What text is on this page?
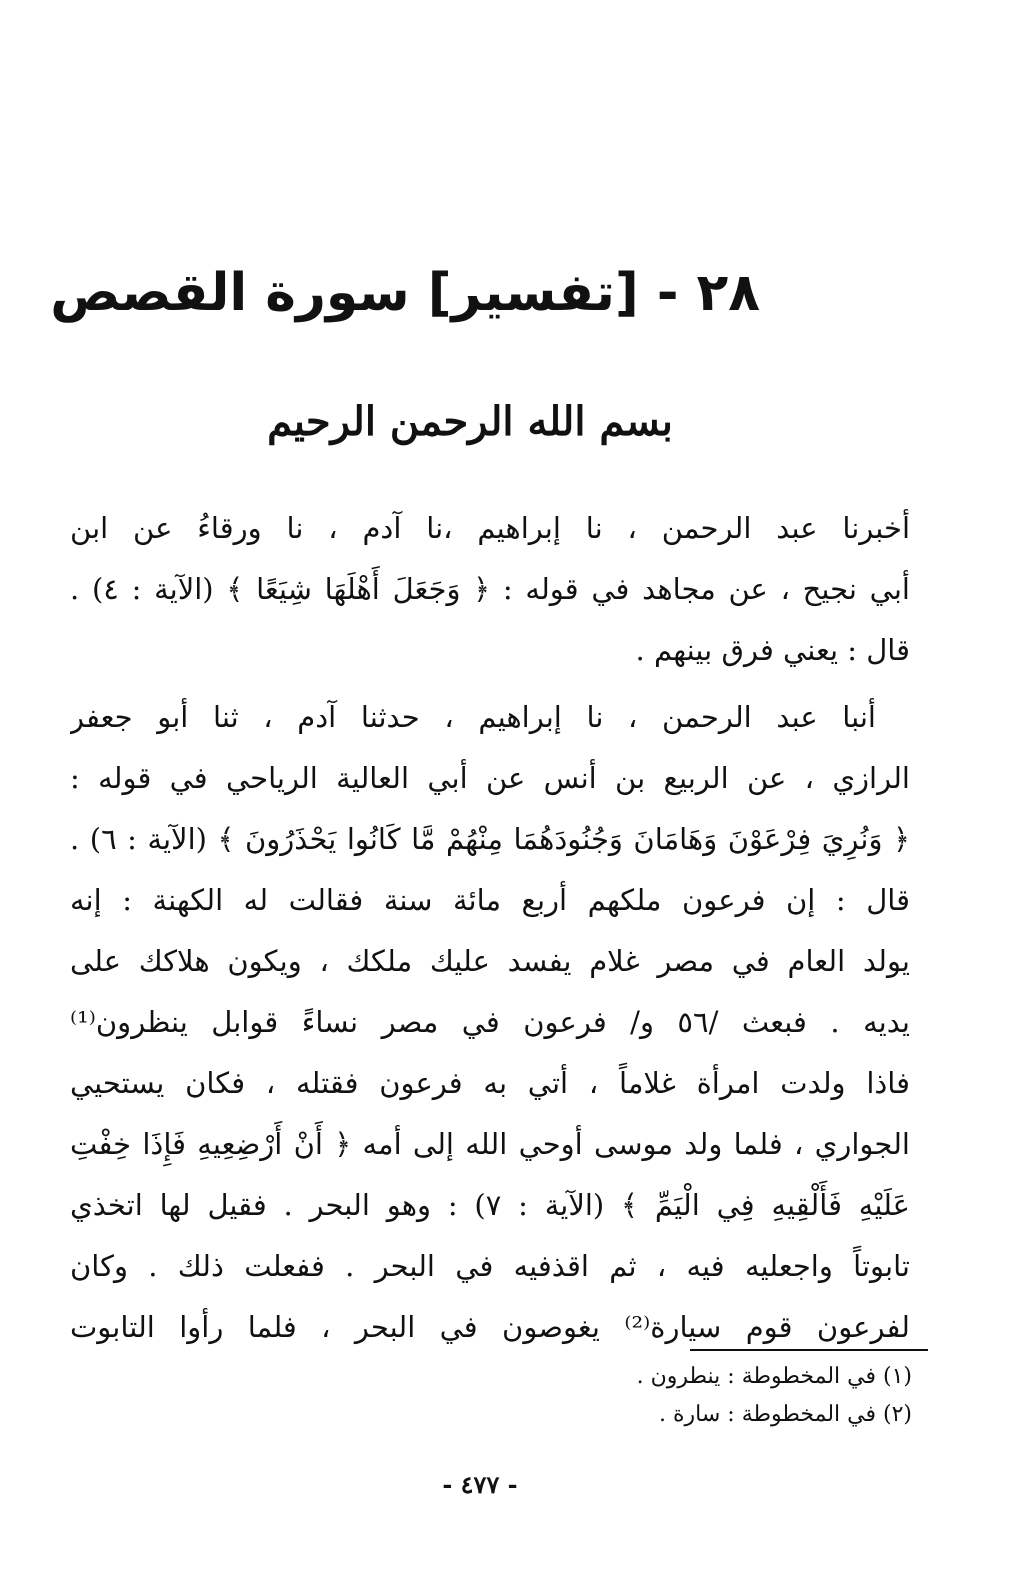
٢٨ - [تفسير] سورة القصص
بسم الله الرحمن الرحيم
أخبرنا عبد الرحمن ، نا إبراهيم ،نا آدم ، نا ورقاءُ عن ابن
أبي نجيح ، عن مجاهد في قوله : ﴿ وَجَعَلَ أَهْلَهَا شِيَعًا ﴾ (الآية : ٤) .
قال : يعني فرق بينهم .
أنبا عبد الرحمن ، نا إبراهيم ، حدثنا آدم ، ثنا أبو جعفر
الرازي ، عن الربيع بن أنس عن أبي العالية الرياحي في قوله :
﴿ وَنُرِيَ فِرْعَوْنَ وَهَامَانَ وَجُنُودَهُمَا مِنْهُمْ مَّا كَانُوا يَحْذَرُونَ ﴾ (الآية : ٦) .
قال : إن فرعون ملكهم أربع مائة سنة فقالت له الكهنة : إنه
يولد العام في مصر غلام يفسد عليك ملكك ، ويكون هلاكك على
يديه . فبعث /٥٦ و/ فرعون في مصر نساءً قوابل ينظرون⁽¹⁾
فاذا ولدت امرأة غلاماً ، أتي به فرعون فقتله ، فكان يستحيي
الجواري ، فلما ولد موسى أوحي الله إلى أمه ﴿ أَنْ أَرْضِعِيهِ فَإِذَا خِفْتِ
عَلَيْهِ فَأَلْقِيهِ فِي الْيَمِّ ﴾ (الآية : ٧) : وهو البحر . فقيل لها اتخذي
تابوتاً واجعليه فيه ، ثم اقذفيه في البحر . ففعلت ذلك . وكان
لفرعون قوم سيارة⁽²⁾ يغوصون في البحر ، فلما رأوا التابوت
(١) في المخطوطة : ينطرون .
(٢) في المخطوطة : سارة .
- ٤٧٧ -
